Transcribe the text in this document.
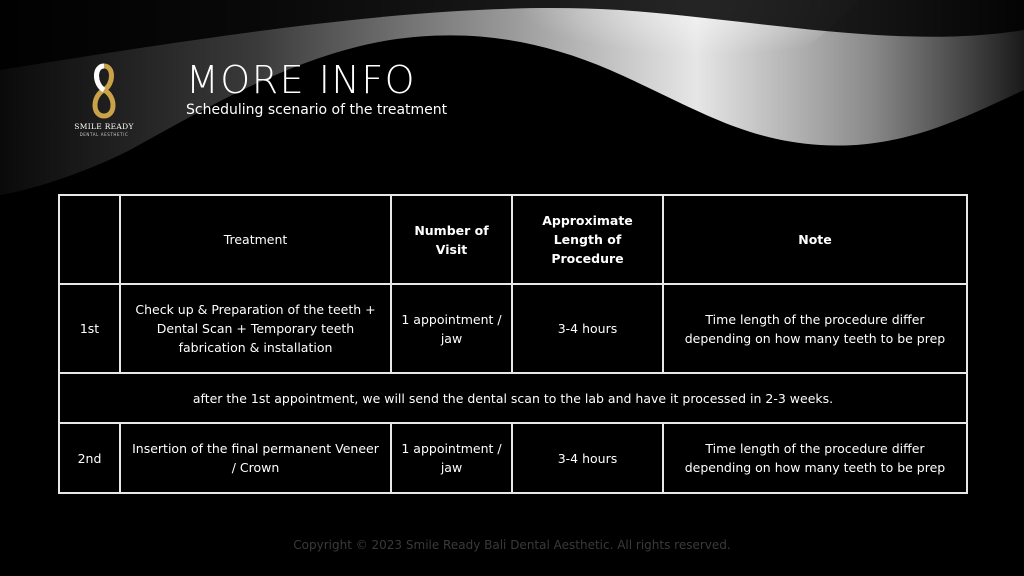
SMILE READY
DENTAL AESTHETIC
MORE INFO
Scheduling scenario of the treatment
	Treatment	Number of Visit	Approximate Length of Procedure	Note
1st	Check up & Preparation of the teeth + Dental Scan + Temporary teeth fabrication & installation	1 appointment / jaw	3-4 hours	Time length of the procedure differ depending on how many teeth to be prep
after the 1st appointment, we will send the dental scan to the lab and have it processed in 2-3 weeks.				
2nd	Insertion of the final permanent Veneer / Crown	1 appointment / jaw	3-4 hours	Time length of the procedure differ depending on how many teeth to be prep
Copyright © 2023 Smile Ready Bali Dental Aesthetic. All rights reserved.
